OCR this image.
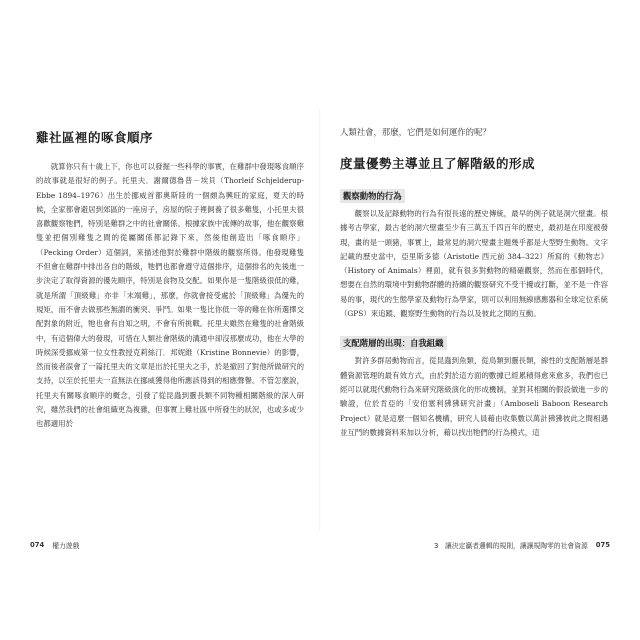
雞社區裡的啄食順序

就算你只有十歲上下，你也可以發掘一些科學的事實，在雞群中發現啄食順序的故事就是很好的例子。托里夫．謝爾德魯普－埃貝（Thorleif Schjelderup-Ebbe 1894–1976）出生於挪威首都奧斯陸的一個頗為興旺的家庭，夏天的時候，全家都會避居到郊區的一座房子，房屋的院子裡飼養了很多雞隻，小托里夫很喜歡觀察牠們，特別是雞群之中的社會關係。根據家族中流傳的故事，他在觀察雞隻並把個別雞隻之間的從屬關係都記錄下來，然後他創造出「啄食順序」（Pecking Order）這個詞，來描述他對於雞群中階級的觀察所得。他發現雞隻不但會在雞群中排出各自的階級，牠們也都會遵守這個排序，這個排名的先後進一步決定了取得資源的優先順序，特別是食物及交配。如果你是一隻階級很低的雞，就是所謂「頂級雞」亦非「末端雞」，那麼，你就會接受處於「頂級雞」為優先的規矩，而不會去做那些無謂的衝突、爭鬥。如果一隻比你低一等的雞在你所選擇交配對象的附近，牠也會有自知之明，不會有所挑戰。托里夫雖然在雞隻的社會階級中，有這個偉大的發現，可惜在人類社會階級的溝通中卻沒那麼成功，他在大學的時候深受挪威第一位女性教授克莉絲汀．邦妮維（Kristine Bonnevie）的影響，然而後者誤會了一篇托里夫的文章是出於托里夫之手，於是撤回了對他所做研究的支持，以至於托里夫一直無法在挪威獲得他所應該得到的相應聲譽。不管怎麼說，托里夫有關啄食順序的概念，引發了從昆蟲到靈長類不同物種相關階級的深入研究，雖然我們的社會組織更為複雜，但事實上雞社區中所發生的狀況，也或多或少也都適用於

人類社會，那麼，它們是如何運作的呢？

度量優勢主導並且了解階級的形成
觀察動物的行為

觀察以及記錄動物的行為有很長遠的歷史傳統，最早的例子就是洞穴壁畫。根據考古學家，最古老的洞穴壁畫至少有三萬五千四百年的歷史，最初是在印度被發現，畫的是一頭豬，事實上，最常見的洞穴壁畫主題幾乎都是大型野生動物。文字記載的歷史當中，亞里斯多德（Aristotle 西元前 384–322）所寫的《動物志》（History of Animals）裡面，就有很多對動物的精確觀察，然而在那個時代，想要在自然的環境中對動物群體的持續的觀察研究不受干擾或打斷，並不是一件容易的事，現代的生態學家及動物行為學家，則可以利用無線感應器和全球定位系統（GPS）來追蹤、觀察野生動物的行為以及彼此之間的互動。

支配階層的出現：自我組織

對許多群居動物而言，從昆蟲到魚類，從鳥類到靈長類，線性的支配階層是群體資源管理的最有效方式，由於對於這方面的數據已經累積得愈來愈多，我們也已經可以就現代動物行為來研究階級演化的形成機制，並對其相關的假設做進一步的驗證，位於肯亞的「安伯塞利狒狒研究計畫」（Amboseli Baboon Research Project）就是這麼一個知名機構，研究人員藉由收集數以萬計狒狒彼此之間相遇並互鬥的數據資料來加以分析，藉以找出牠們的行為模式，這

074 權力遊戲	3　讓決定贏者邏輯的規則，讓讓規陶零的社會資源 075
